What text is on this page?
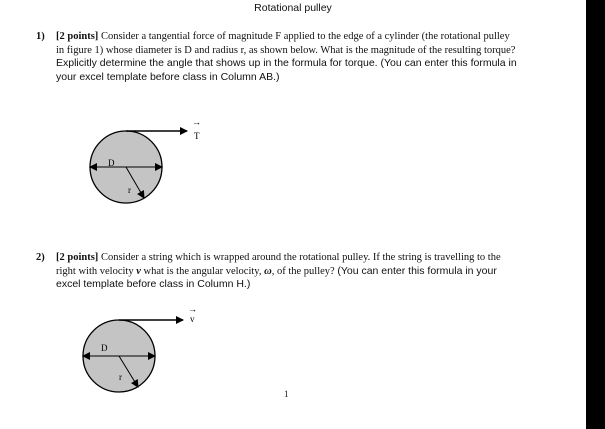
Rotational pulley
1) [2 points] Consider a tangential force of magnitude F applied to the edge of a cylinder (the rotational pulley in figure 1) whose diameter is D and radius r, as shown below. What is the magnitude of the resulting torque? Explicitly determine the angle that shows up in the formula for torque. (You can enter this formula in your excel template before class in Column AB.)
2) [2 points] Consider a string which is wrapped around the rotational pulley. If the string is travelling to the right with velocity v what is the angular velocity, ω, of the pulley? (You can enter this formula in your excel template before class in Column H.)
→
T
D
r
→
v
D
r
1
